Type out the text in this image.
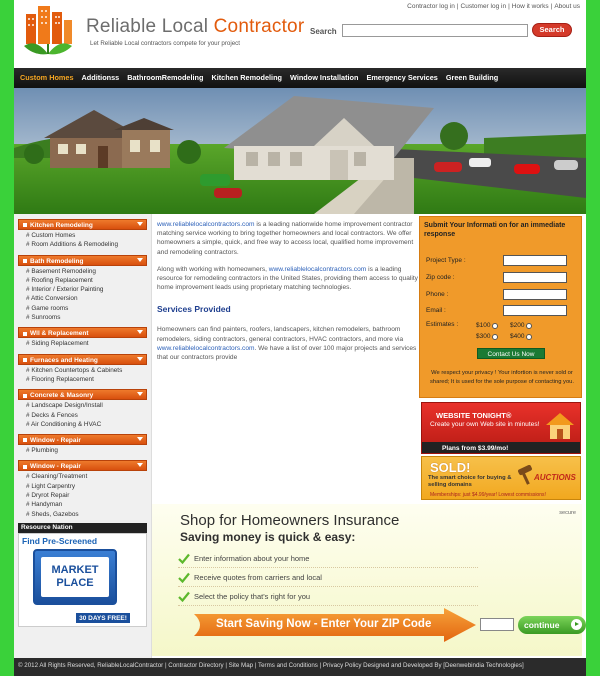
Reliable Local Contractor
Let Reliable Local contractors compete for your project
Contractor log in | Customer log in | How it works | About us
Search	Search
Custom Homes	Additionss	BathroomRemodeling	Kitchen Remodeling	Window Installation	Emergency Services	Green Building
Kitchen Remodeling
# Custom Homes
# Room Additions & Remodeling
Bath Remodeling
# Basement Remodeling
# Roofing Replacement
# Interior / Exterior Painting
# Attic Conversion
# Game rooms
# Sunrooms
Wll & Replacement
# Siding Replacement
Furnaces and Heating
# Kitchen Countertops & Cabinets
# Flooring Replacement
Concrete & Masonry
# Landscape Design/Install
# Decks & Fences
# Air Conditioning & HVAC
Window - Repair
# Plumbing
Window - Repair
# Cleaning/Treatment
# Light Carpentry
# Dryrot Repair
# Handyman
# Sheds, Gazebos
Resource Nation
Find Pre-Screened
MARKET
PLACE
30 DAYS FREE!

www.reliablelocalcontractors.com is a leading nationwide home improvement contractor matching service working to bring together homeowners and local contractors. We offer homeowners a simple, quick, and free way to access local, qualified home improvement and remodeling contractors.

Along with working with homeowners, www.reliablelocalcontractors.com is a leading resource for remodeling contractors in the United States, providing them access to quality home improvement leads using proprietary matching technologies.

Services Provided

Homeowners can find painters, roofers, landscapers, kitchen remodelers, bathroom remodelers, siding contractors, general contractors, HVAC contractors, and more via www.reliablelocalcontractors.com. We have a list of over 100 major projects and services that our contractors provide

Submit Your Informati on for an immediate response
Project Type :
Zip code :
Phone :
Email :
Estimates :	$100	$200
$300	$400
Contact Us Now
We respect your privacy ! Your infortion is never sold or shared; It is used for the sole purpose of contacting you.
WEBSITE TONIGHT®
Create your own Web site in minutes!
Plans from $3.99/mo!
SOLD!
The smart choice for buying & selling domains
AUCTIONS
Memberships: just $4.99/year! Lowest commissions!
secure
Shop for Homeowners Insurance
Saving money is quick & easy:
Enter information about your home
Receive quotes from carriers and local
Select the policy that's right for you
Start Saving Now - Enter Your ZIP Code	continue
© 2012 All Rights Reserved, ReliableLocalContractor | Contractor Directory | Site Map | Terms and Conditions | Privacy Policy Designed and Developed By [Deenwebindia Technologies]
